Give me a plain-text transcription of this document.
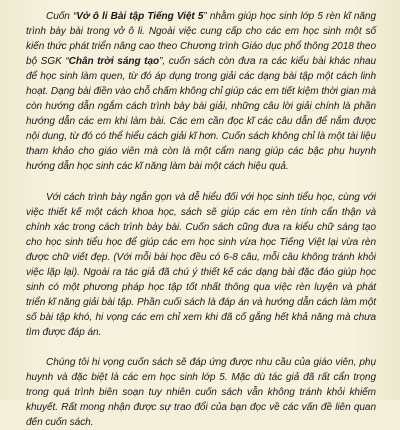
Cuốn “Vở ô li Bài tập Tiếng Việt 5” nhằm giúp học sinh lớp 5 rèn kĩ năng trình bày bài trong vở ô li. Ngoài việc cung cấp cho các em học sinh một số kiến thức phát triển nâng cao theo Chương trình Giáo dục phổ thông 2018 theo bộ SGK “Chân trời sáng tạo”, cuốn sách còn đưa ra các kiểu bài khác nhau để học sinh làm quen, từ đó áp dụng trong giải các dạng bài tập một cách linh hoạt. Dạng bài điền vào chỗ chấm không chỉ giúp các em tiết kiệm thời gian mà còn hướng dẫn ngắm cách trình bày bài giải, những câu lời giải chính là phần hướng dẫn các em khi làm bài. Các em cần đọc kĩ các câu dẫn để nắm được nội dung, từ đó có thể hiểu cách giải kĩ hơn. Cuốn sách không chỉ là một tài liệu tham khảo cho giáo viên mà còn là một cẩm nang giúp các bậc phụ huynh hướng dẫn học sinh các kĩ năng làm bài một cách hiệu quả.

Với cách trình bày ngắn gọn và dễ hiểu đối với học sinh tiểu học, cùng với việc thiết kế một cách khoa học, sách sẽ giúp các em rèn tính cẩn thận và chính xác trong cách trình bày bài. Cuốn sách cũng đưa ra kiểu chữ sáng tạo cho học sinh tiểu học để giúp các em học sinh vừa học Tiếng Việt lại vừa rèn được chữ viết đẹp. (Với mỗi bài học đều có 6-8 câu, mỗi câu không tránh khỏi việc lặp lại). Ngoài ra tác giả đã chú ý thiết kế các dạng bài đặc đáo giúp học sinh có một phương pháp học tập tốt nhất thông qua việc rèn luyện và phát triển kĩ năng giải bài tập. Phần cuối sách là đáp án và hướng dẫn cách làm một số bài tập khó, hi vọng các em chỉ xem khi đã cố gắng hết khả năng mà chưa tìm được đáp án.

Chúng tôi hi vọng cuốn sách sẽ đáp ứng được nhu cầu của giáo viên, phụ huynh và đặc biệt là các em học sinh lớp 5. Mặc dù tác giả đã rất cẩn trọng trong quá trình biên soạn tuy nhiên cuốn sách vẫn không tránh khỏi khiếm khuyết. Rất mong nhận được sự trao đổi của bạn đọc về các vấn đề liên quan đến cuốn sách.
